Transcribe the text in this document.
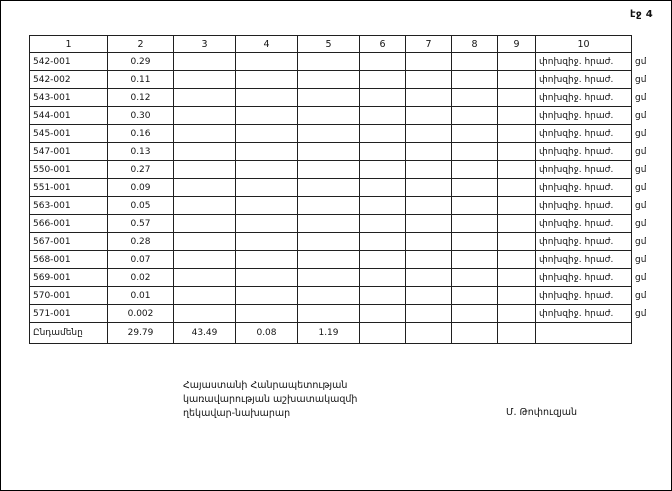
էջ 4
1	2	3	4	5	6	7	8	9	10	
542-001	0.29								փոխզիջ. հրաժ.	ցմ
542-002	0.11								փոխզիջ. հրաժ.	ցմ
543-001	0.12								փոխզիջ. հրաժ.	ցմ
544-001	0.30								փոխզիջ. հրաժ.	ցմ
545-001	0.16								փոխզիջ. հրաժ.	ցմ
547-001	0.13								փոխզիջ. հրաժ.	ցմ
550-001	0.27								փոխզիջ. հրաժ.	ցմ
551-001	0.09								փոխզիջ. հրաժ.	ցմ
563-001	0.05								փոխզիջ. հրաժ.	ցմ
566-001	0.57								փոխզիջ. հրաժ.	ցմ
567-001	0.28								փոխզիջ. հրաժ.	ցմ
568-001	0.07								փոխզիջ. հրաժ.	ցմ
569-001	0.02								փոխզիջ. հրաժ.	ցմ
570-001	0.01								փոխզիջ. հրաժ.	ցմ
571-001	0.002								փոխզիջ. հրաժ.	ցմ
Ընդամենը	29.79	43.49	0.08	1.19						
Հայաստանի Հանրապետության
կառավարության աշխատակազմի
ղեկավար-նախարար	Մ. Թոփուզյան
